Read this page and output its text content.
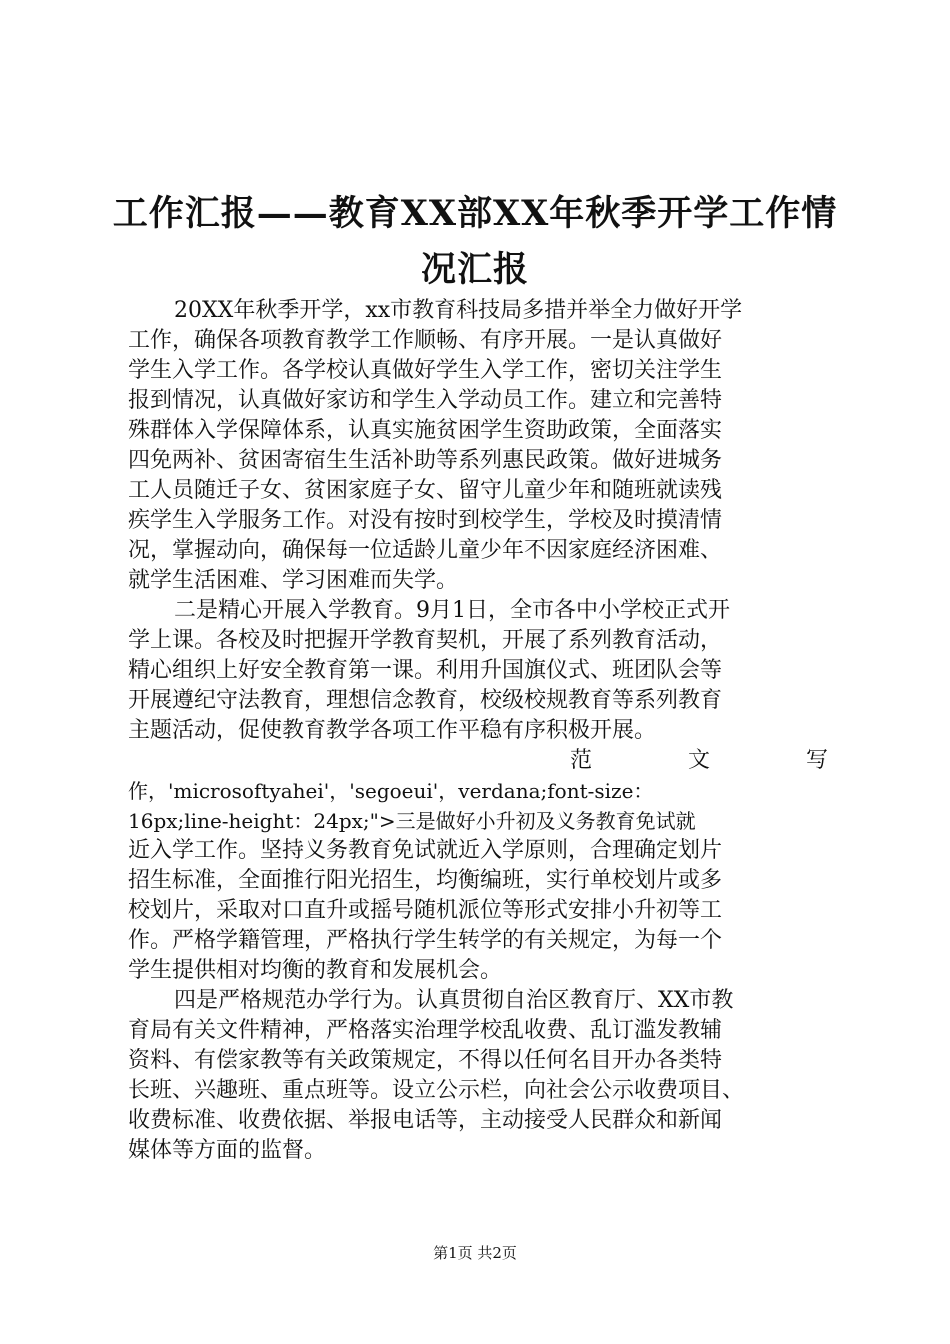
工作汇报——教育XX部XX年秋季开学工作情
况汇报
20XX年秋季开学，xx市教育科技局多措并举全力做好开学
工作，确保各项教育教学工作顺畅、有序开展。一是认真做好
学生入学工作。各学校认真做好学生入学工作，密切关注学生
报到情况，认真做好家访和学生入学动员工作。建立和完善特
殊群体入学保障体系，认真实施贫困学生资助政策，全面落实
四免两补、贫困寄宿生生活补助等系列惠民政策。做好进城务
工人员随迁子女、贫困家庭子女、留守儿童少年和随班就读残
疾学生入学服务工作。对没有按时到校学生，学校及时摸清情
况，掌握动向，确保每一位适龄儿童少年不因家庭经济困难、
就学生活困难、学习困难而失学。
二是精心开展入学教育。9月1日，全市各中小学校正式开
学上课。各校及时把握开学教育契机，开展了系列教育活动，
精心组织上好安全教育第一课。利用升国旗仪式、班团队会等
开展遵纪守法教育，理想信念教育，校级校规教育等系列教育
主题活动，促使教育教学各项工作平稳有序积极开展。
范	文	写
作，'microsoftyahei'，'segoeui'，verdana;font-size：
16px;line-height：24px;">三是做好小升初及义务教育免试就
近入学工作。坚持义务教育免试就近入学原则，合理确定划片
招生标准，全面推行阳光招生，均衡编班，实行单校划片或多
校划片，采取对口直升或摇号随机派位等形式安排小升初等工
作。严格学籍管理，严格执行学生转学的有关规定，为每一个
学生提供相对均衡的教育和发展机会。
四是严格规范办学行为。认真贯彻自治区教育厅、XX市教
育局有关文件精神，严格落实治理学校乱收费、乱订滥发教辅
资料、有偿家教等有关政策规定，不得以任何名目开办各类特
长班、兴趣班、重点班等。设立公示栏，向社会公示收费项目、
收费标准、收费依据、举报电话等，主动接受人民群众和新闻
媒体等方面的监督。
第1页 共2页
